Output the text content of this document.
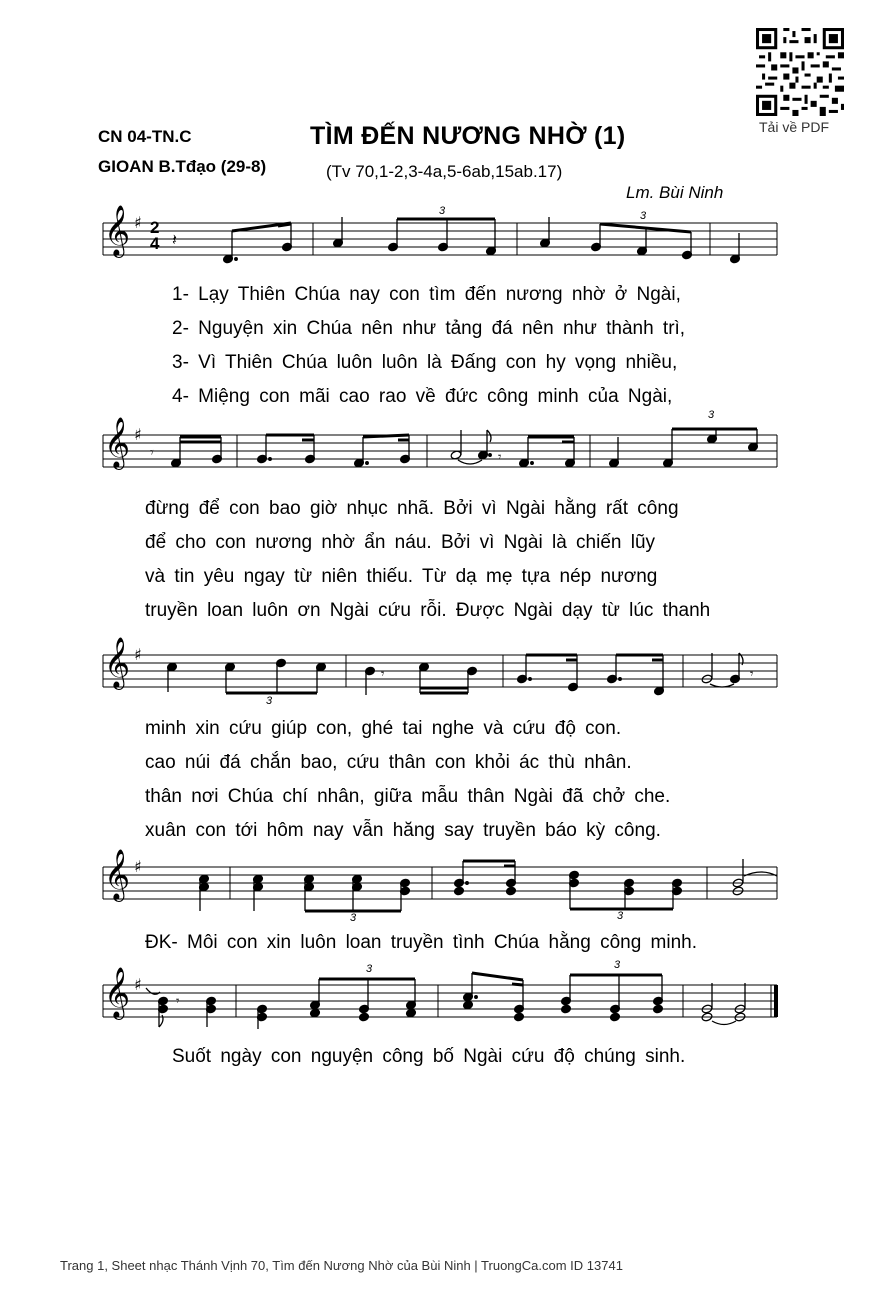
CN 04-TN.C
GIOAN B.Tđạo (29-8)
TÌM ĐẾN NƯƠNG NHỜ (1)
(Tv 70,1-2,3-4a,5-6ab,15ab.17)
Lm. Bùi Ninh
Tải về PDF
𝄞 ♯ 2
4 𝄽
3	3
1- Lạy Thiên Chúa nay con tìm đến nương nhờ ở Ngài,
2- Nguyện xin Chúa nên như tảng đá nên như thành trì,
3- Vì Thiên Chúa luôn luôn là Đấng con hy vọng nhiều,
4- Miệng con mãi cao rao về đức công minh của Ngài,
𝄞 ♯
𝄾	𝄾
3
đừng để con bao giờ nhục nhã. Bởi vì Ngài hằng rất công
để cho con nương nhờ ẩn náu. Bởi vì Ngài là chiến lũy
và tin yêu ngay từ niên thiếu. Từ dạ mẹ tựa nép nương
truyền loan luôn ơn Ngài cứu rỗi. Được Ngài dạy từ lúc thanh
𝄞 ♯
𝄾	𝄾
3
minh xin cứu giúp con, ghé tai nghe và cứu độ con.
cao núi đá chắn bao, cứu thân con khỏi ác thù nhân.
thân nơi Chúa chí nhân, giữa mẫu thân Ngài đã chở che.
xuân con tới hôm nay vẫn hăng say truyền báo kỳ công.
𝄞 ♯
3	3
ĐK- Môi con xin luôn loan truyền tình Chúa hằng công minh.
𝄞 ♯
𝄾
3	3
Suốt ngày con nguyện công bố Ngài cứu độ chúng sinh.
Trang 1, Sheet nhạc Thánh Vịnh 70, Tìm đến Nương Nhờ của Bùi Ninh | TruongCa.com ID 13741
